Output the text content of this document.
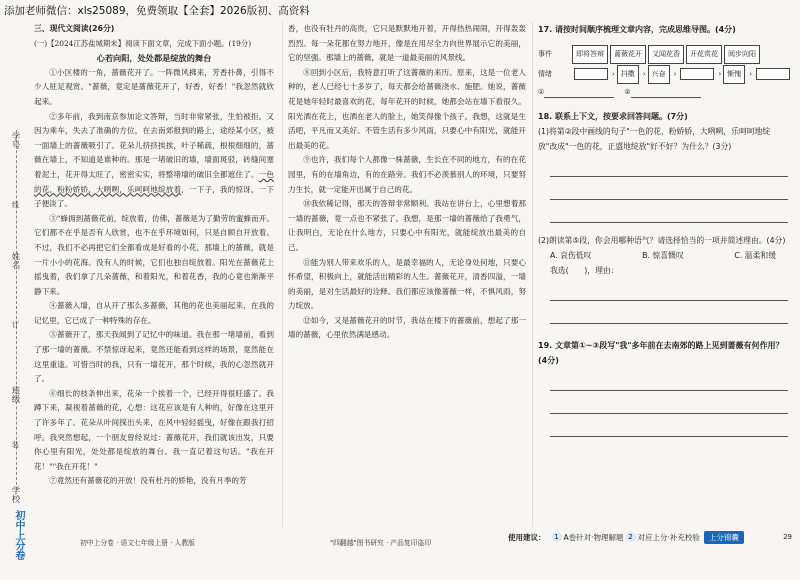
添加老师微信：xls25089，免费领取【全套】2026版初、高资料
学号
姓名
班级
学校
线
订
装
初中上分卷
三、现代文阅读(26分)
(一)【2024江苏盐城期末】阅读下面文章，完成下面小题。(19分)
心若向阳，处处都是绽放的舞台

①小区楼的一角，蔷薇花开了。一阵微风拂来，芳香扑鼻，引得不少人驻足观赏。"蔷薇，竟定是蔷薇花开了，好香，好香！"我忽然就欣起来。

②多年前，我到南京参加论文答辩，当时非常紧张，生怕被拒。又因为乘车，失去了准确的方位，在去南郊报到的路上，途经某小区，被一面墙上的蔷薇吸引了。花朵儿挤挤挨挨，叶子稀疏，根根细细的，蔷薇在墙上，不知道是谁种的。那是一堵破旧的墙，墙面斑驳，砖缝间塞着泥土，花开得太旺了，密密实实，将整堵墙的破旧全都遮住了。一色的花，粉粉娇娇，大咧咧，乐呵呵地绽放着，一下子，我的惊讶，一下子便淡了。

③"蜂拥到蔷薇花前，绽放着，仿佛，蔷薇是为了勤劳的蜜蜂而开。它们都不在乎是否有人欣赏，也不在乎环境如何，只是自顾自开放着。不过，我们不必再把它们全都看成是好看的小花，那墙上的蔷薇，就是一片小小的花海。没有人的时候，它们也独自绽放着。阳光在蔷薇花上摇曳着，我们拿了几朵蔷薇，和着阳光，和着花香，我的心竟也渐渐平静下来。

④蔷薇入墙，自从开了那么多蔷薇，其他的花也美丽起来，在我的记忆里，它已成了一种特殊的存在。

⑤蔷薇开了，那天我闻到了记忆中的味道。我在那一堵墙前，看到了那一墙的蔷薇。不禁惊讶起来，竟然还能看到这样的场景，竟然能在这里重逢。可惜当时的我，只有一墙花开，那个时候，我的心忽然就开了。

⑥细长的枝条伸出来，花朵一个挨着一个，已经开得很旺盛了。我蹲下来，凝视着蔷薇的花，心想：这花应该是有人种的，好像在这里开了许多年了。花朵从叶间探出头来，在风中轻轻摇曳，好像在跟我打招呼。我突然想起，一个朋友曾经说过：蔷薇花开，我们就该出发，只要你心里有阳光，处处都是绽放的舞台。我一直记着这句话。"我在开花！""我在开花！"

⑦竟然还有蔷薇花的开放！没有杜丹的娇艳，没有月季的芳

香，也没有牡丹的高贵，它只是默默地开着，开得热热闹闹，开得轰轰烈烈。每一朵花都在努力地开，像是在用尽全力向世界展示它的美丽，它的坚强。那墙上的蔷薇，就是一道最美丽的风景线。

⑧回到小区后，我特意打听了这蔷薇的来历。原来，这是一位老人种的，老人已经七十多岁了，每天都会给蔷薇浇水、施肥。她说，蔷薇花是她年轻时最喜欢的花，每年花开的时候，她都会站在墙下看很久。阳光洒在花上，也洒在老人的脸上，她笑得像个孩子。我想，这就是生活吧，平凡而又美好。不管生活有多少风雨，只要心中有阳光，就能开出最美的花。

⑨也许，我们每个人都像一株蔷薇，生长在不同的地方，有的在花园里，有的在墙角边，有的在路旁。我们不必羡慕别人的环境，只要努力生长，就一定能开出属于自己的花。

⑩我依稀记得，那天的答辩非常顺利。我站在讲台上，心里想着那一墙的蔷薇，竟一点也不紧张了。我想，是那一墙的蔷薇给了我勇气，让我明白，无论在什么地方，只要心中有阳光，就能绽放出最美的自己。

⑪能为别人带来欢乐的人，是最幸福的人，无论身处何地，只要心怀希望，积极向上，就能活出精彩的人生。蔷薇花开，清香四溢，一墙的美丽，是对生活最好的诠释。我们都应该像蔷薇一样，不惧风雨，努力绽放。

⑫如今，又是蔷薇花开的时节，我站在楼下的蔷薇前，想起了那一墙的蔷薇，心里依然满是感动。

17. 请按时间顺序梳理文章内容，完成思维导图。(4分)
事件	即将答辩	蔷薇花开	又闻花香	开花赏花	阅步向阳
情绪	› 抖擞	› 兴奋	›	› 惭愧	›
①	②
18. 联系上下文，按要求回答问题。(7分)
(1)将第②段中画线的句子"一色的花，粉娇娇，大咧咧，乐呵呵地绽放"改成"一色的花，正盛地绽放"好不好？为什么？(3分)
(2)朗读第⑤段，你会用哪种语气？请选择恰当的一项并简述理由。(4分)
A. 哀伤低叹	B. 惊喜慨叹	C. 温柔和缓
我选(　　)，理由：
19. 文章第①~③段写"我"多年前在去南郊的路上见到蔷薇有何作用？(4分)
初中上分卷 · 语文七年级上册 · 人教版	"四翻越"图书研究 · 产品复印盗印
使用建议：	1 A卷针对·物理解题 2 对应上分·补充校验	上分锦囊	29
